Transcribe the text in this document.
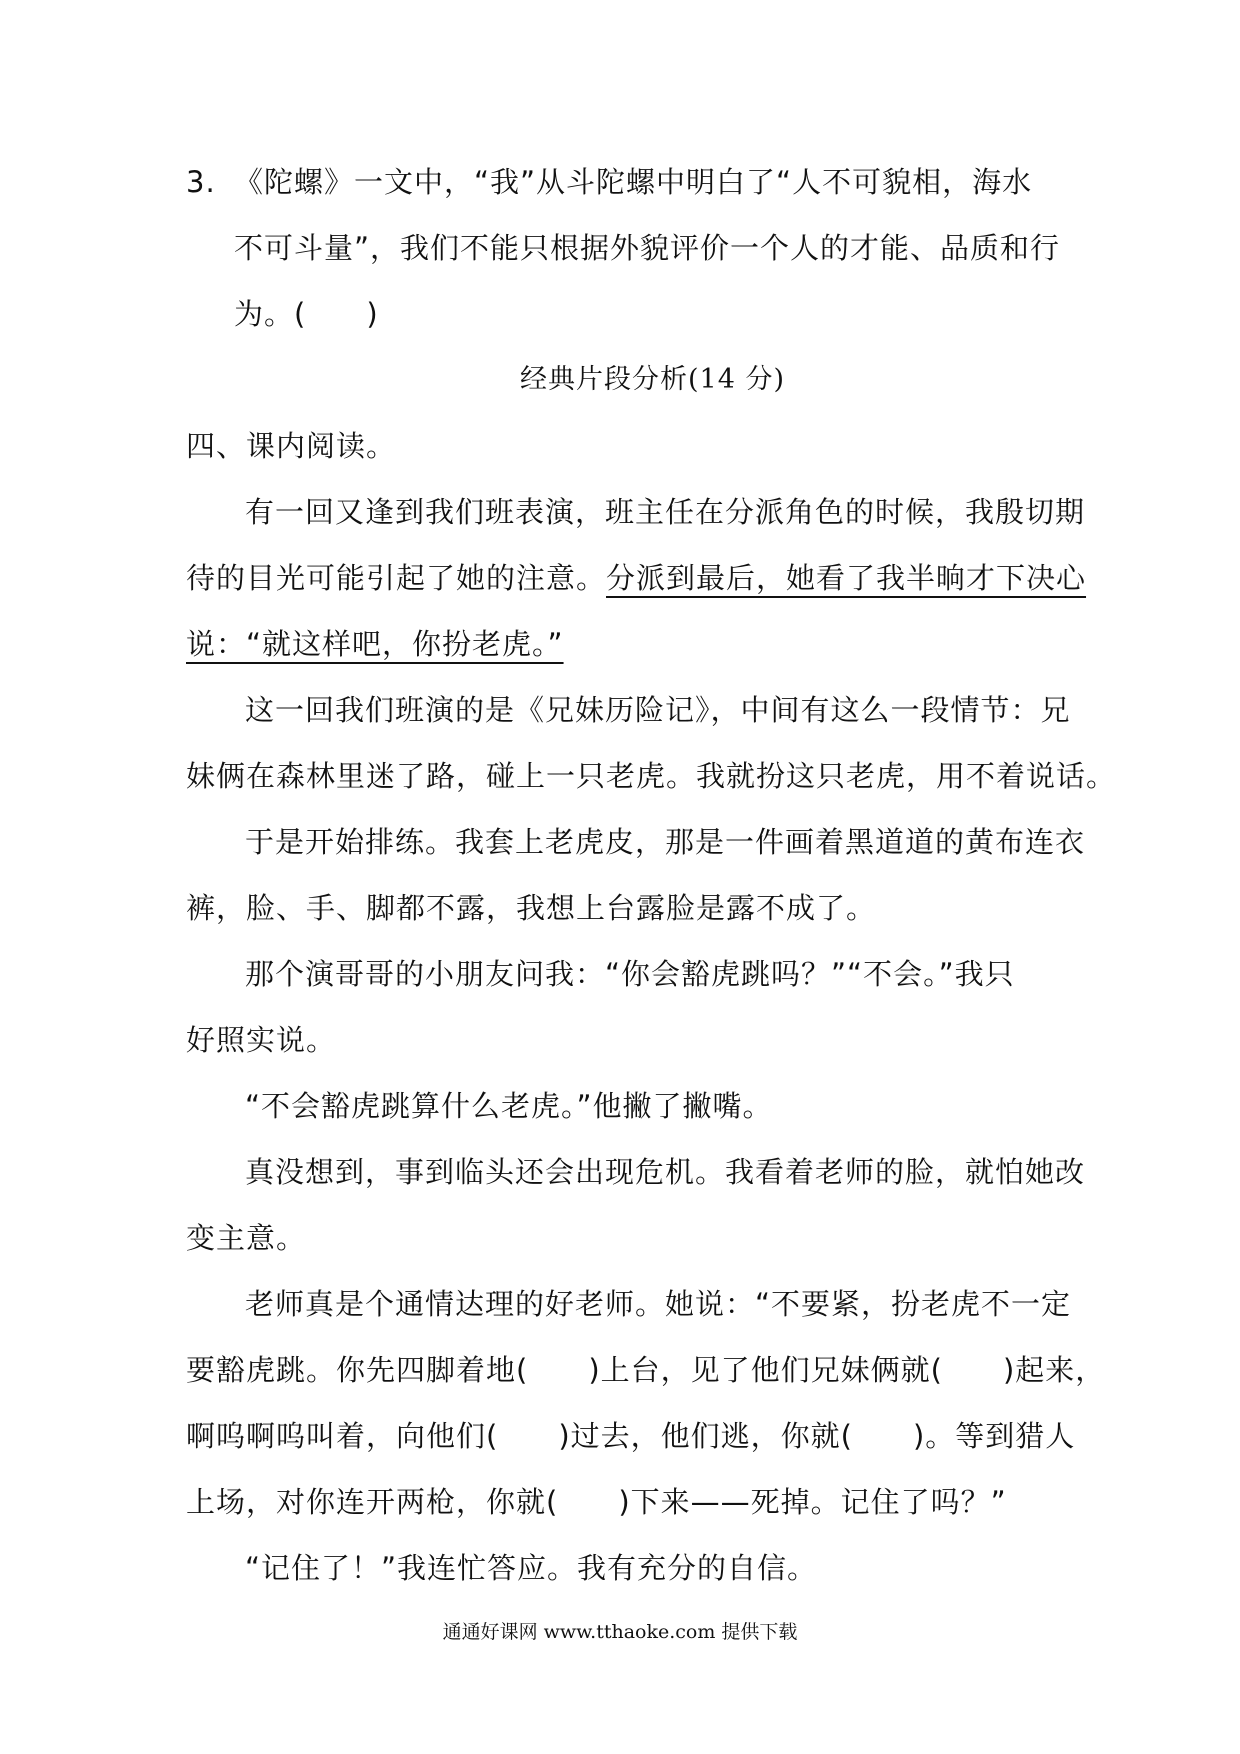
3. 《陀螺》一文中，“我”从斗陀螺中明白了“人不可貌相，海水
不可斗量”，我们不能只根据外貌评价一个人的才能、品质和行
为。(　　)
经典片段分析(14 分)
四、课内阅读。
有一回又逢到我们班表演，班主任在分派角色的时候，我殷切期
待的目光可能引起了她的注意。分派到最后，她看了我半晌才下决心
说：“就这样吧，你扮老虎。”
这一回我们班演的是《兄妹历险记》，中间有这么一段情节：兄
妹俩在森林里迷了路，碰上一只老虎。我就扮这只老虎，用不着说话。
于是开始排练。我套上老虎皮，那是一件画着黑道道的黄布连衣
裤，脸、手、脚都不露，我想上台露脸是露不成了。
那个演哥哥的小朋友问我：“你会豁虎跳吗？”“不会。”我只
好照实说。
“不会豁虎跳算什么老虎。”他撇了撇嘴。
真没想到，事到临头还会出现危机。我看着老师的脸，就怕她改
变主意。
老师真是个通情达理的好老师。她说：“不要紧，扮老虎不一定
要豁虎跳。你先四脚着地(　　)上台，见了他们兄妹俩就(　　)起来，
啊呜啊呜叫着，向他们(　　)过去，他们逃，你就(　　)。等到猎人
上场，对你连开两枪，你就(　　)下来——死掉。记住了吗？”
“记住了！”我连忙答应。我有充分的自信。
通通好课网 www.tthaoke.com 提供下载
